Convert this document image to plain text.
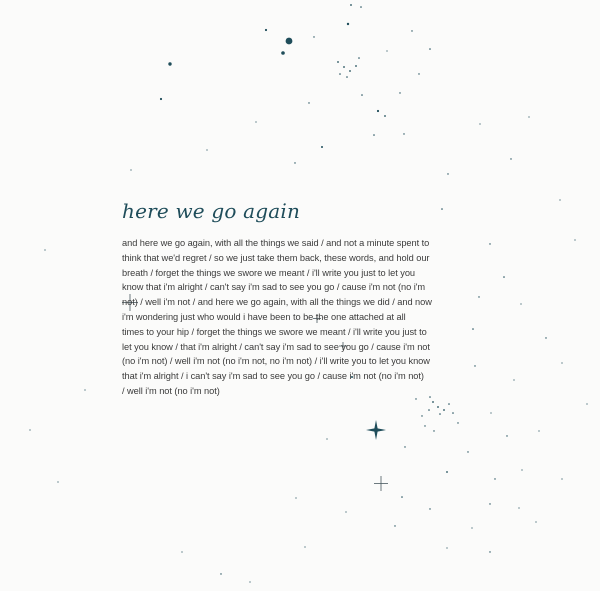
here we go again

and here we go again, with all the things we said / and not a minute spent to
think that we'd regret / so we just take them back, these words, and hold our
breath / forget the things we swore we meant / i'll write you just to let you
know that i'm alright / can't say i'm sad to see you go / cause i'm not (no i'm
not) / well i'm not / and here we go again, with all the things we did / and now
i'm wondering just who would i have been to be the one attached at all
times to your hip / forget the things we swore we meant / i'll write you just to
let you know / that i'm alright / can't say i'm sad to see you go / cause i'm not
(no i'm not) / well i'm not (no i'm not, no i'm not) / i'll write you to let you know
that i'm alright / i can't say i'm sad to see you go / cause i'm not (no i'm not)
/ well i'm not (no i'm not)
